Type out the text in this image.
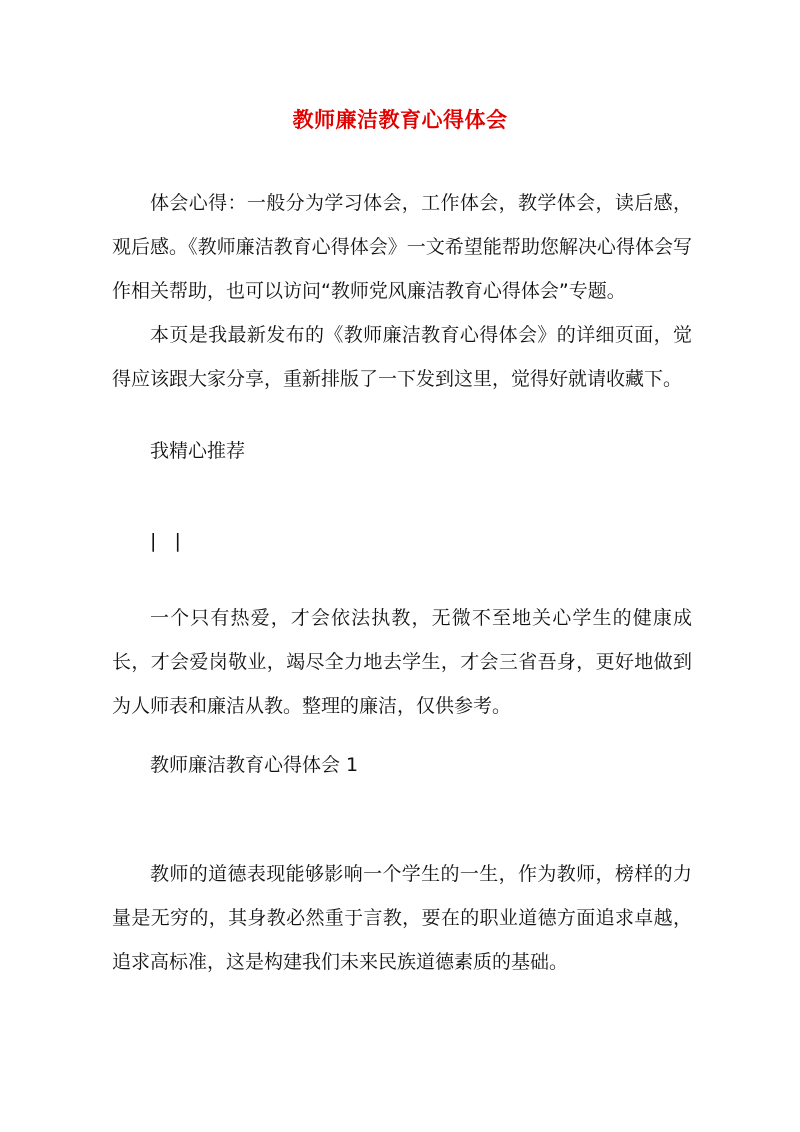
教师廉洁教育心得体会

体会心得：一般分为学习体会，工作体会，教学体会，读后感，观后感。《教师廉洁教育心得体会》一文希望能帮助您解决心得体会写作相关帮助，也可以访问“教师党风廉洁教育心得体会”专题。

本页是我最新发布的《教师廉洁教育心得体会》的详细页面，觉得应该跟大家分享，重新排版了一下发到这里，觉得好就请收藏下。

我精心推荐

|   |

一个只有热爱，才会依法执教，无微不至地关心学生的健康成长，才会爱岗敬业，竭尽全力地去学生，才会三省吾身，更好地做到为人师表和廉洁从教。整理的廉洁，仅供参考。

教师廉洁教育心得体会 1

教师的道德表现能够影响一个学生的一生，作为教师，榜样的力量是无穷的，其身教必然重于言教，要在的职业道德方面追求卓越，追求高标准，这是构建我们未来民族道德素质的基础。
